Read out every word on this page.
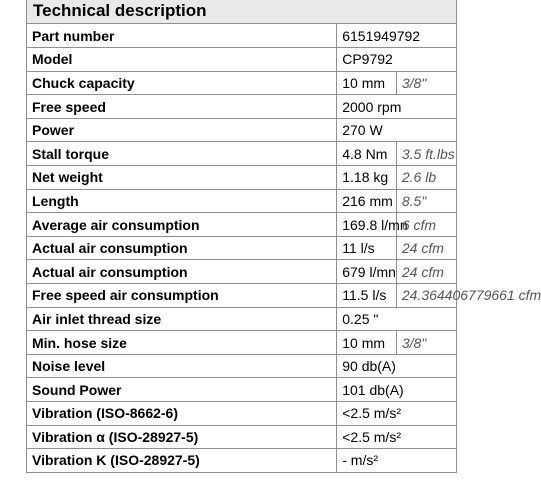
Technical description
Part number	6151949792	
Model	CP9792	
Chuck capacity	10 mm	3/8"
Free speed	2000 rpm	
Power	270 W	
Stall torque	4.8 Nm	3.5 ft.lbs
Net weight	1.18 kg	2.6 lb
Length	216 mm	8.5"
Average air consumption	169.8 l/mn	6 cfm
Actual air consumption	11 l/s	24 cfm
Actual air consumption	679 l/mn	24 cfm
Free speed air consumption	11.5 l/s	24.364406779661 cfm
Air inlet thread size	0.25 "	
Min. hose size	10 mm	3/8"
Noise level	90 db(A)	
Sound Power	101 db(A)	
Vibration (ISO-8662-6)	<2.5 m/s²	
Vibration α (ISO-28927-5)	<2.5 m/s²	
Vibration K (ISO-28927-5)	- m/s²	
